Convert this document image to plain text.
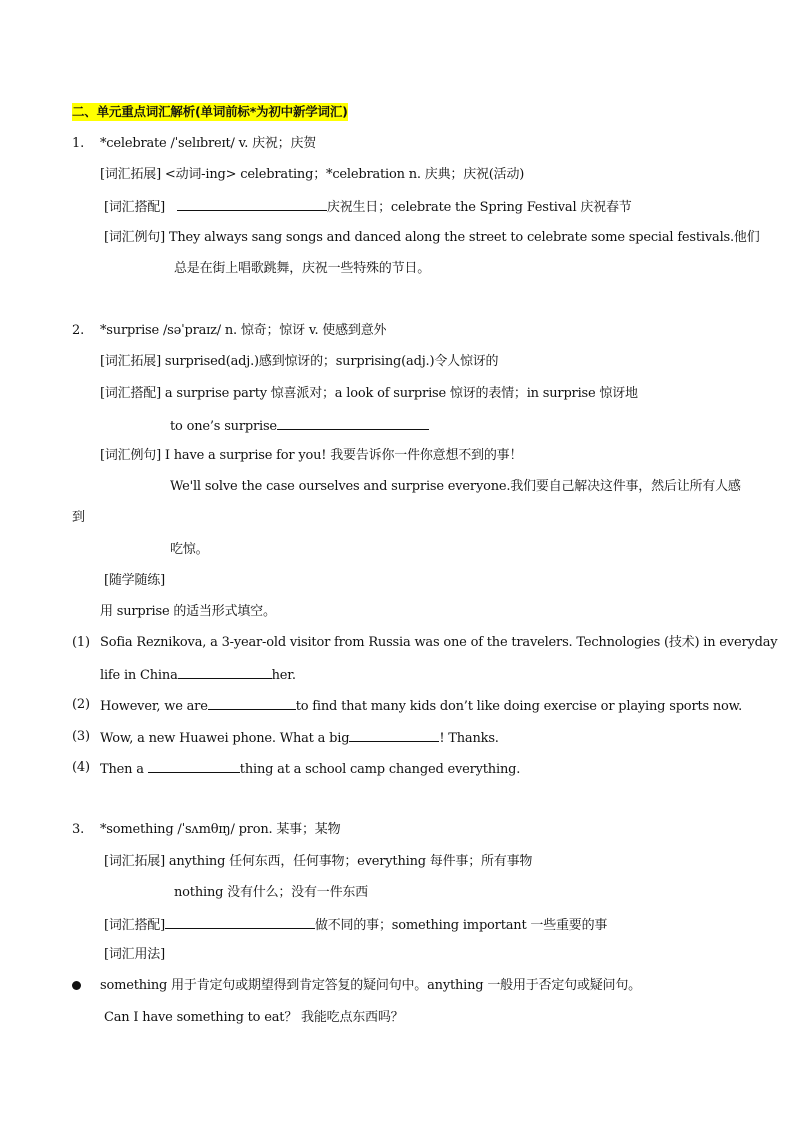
二、单元重点词汇解析(单词前标*为初中新学词汇)
1. *celebrate /ˈselɪbreɪt/ v. 庆祝；庆贺
[词汇拓展] <动词-ing> celebrating；*celebration n. 庆典；庆祝(活动)
[词汇搭配]	庆祝生日；celebrate the Spring Festival 庆祝春节
[词汇例句] They always sang songs and danced along the street to celebrate some special festivals.他们
总是在街上唱歌跳舞，庆祝一些特殊的节日。
2. *surprise /səˈpraɪz/ n. 惊奇；惊讶 v. 使感到意外
[词汇拓展] surprised(adj.)感到惊讶的；surprising(adj.)令人惊讶的
[词汇搭配] a surprise party 惊喜派对；a look of surprise 惊讶的表情；in surprise 惊讶地
to one’s surprise
[词汇例句] I have a surprise for you! 我要告诉你一件你意想不到的事！
We'll solve the case ourselves and surprise everyone.我们要自己解决这件事，然后让所有人感
到
吃惊。
[随学随练]
用 surprise 的适当形式填空。
(1) Sofia Reznikova, a 3-year-old visitor from Russia was one of the travelers. Technologies (技术) in everyday
life in China	her.
(2) However, we are	to find that many kids don’t like doing exercise or playing sports now.
(3) Wow, a new Huawei phone. What a big	! Thanks.
(4) Then a	thing at a school camp changed everything.
3. *something /ˈsʌmθɪŋ/ pron. 某事；某物
[词汇拓展] anything 任何东西，任何事物；everything 每件事；所有事物
nothing 没有什么；没有一件东西
[词汇搭配]	做不同的事；something important 一些重要的事
[词汇用法]
something 用于肯定句或期望得到肯定答复的疑问句中。anything 一般用于否定句或疑问句。
Can I have something to eat？ 我能吃点东西吗？
